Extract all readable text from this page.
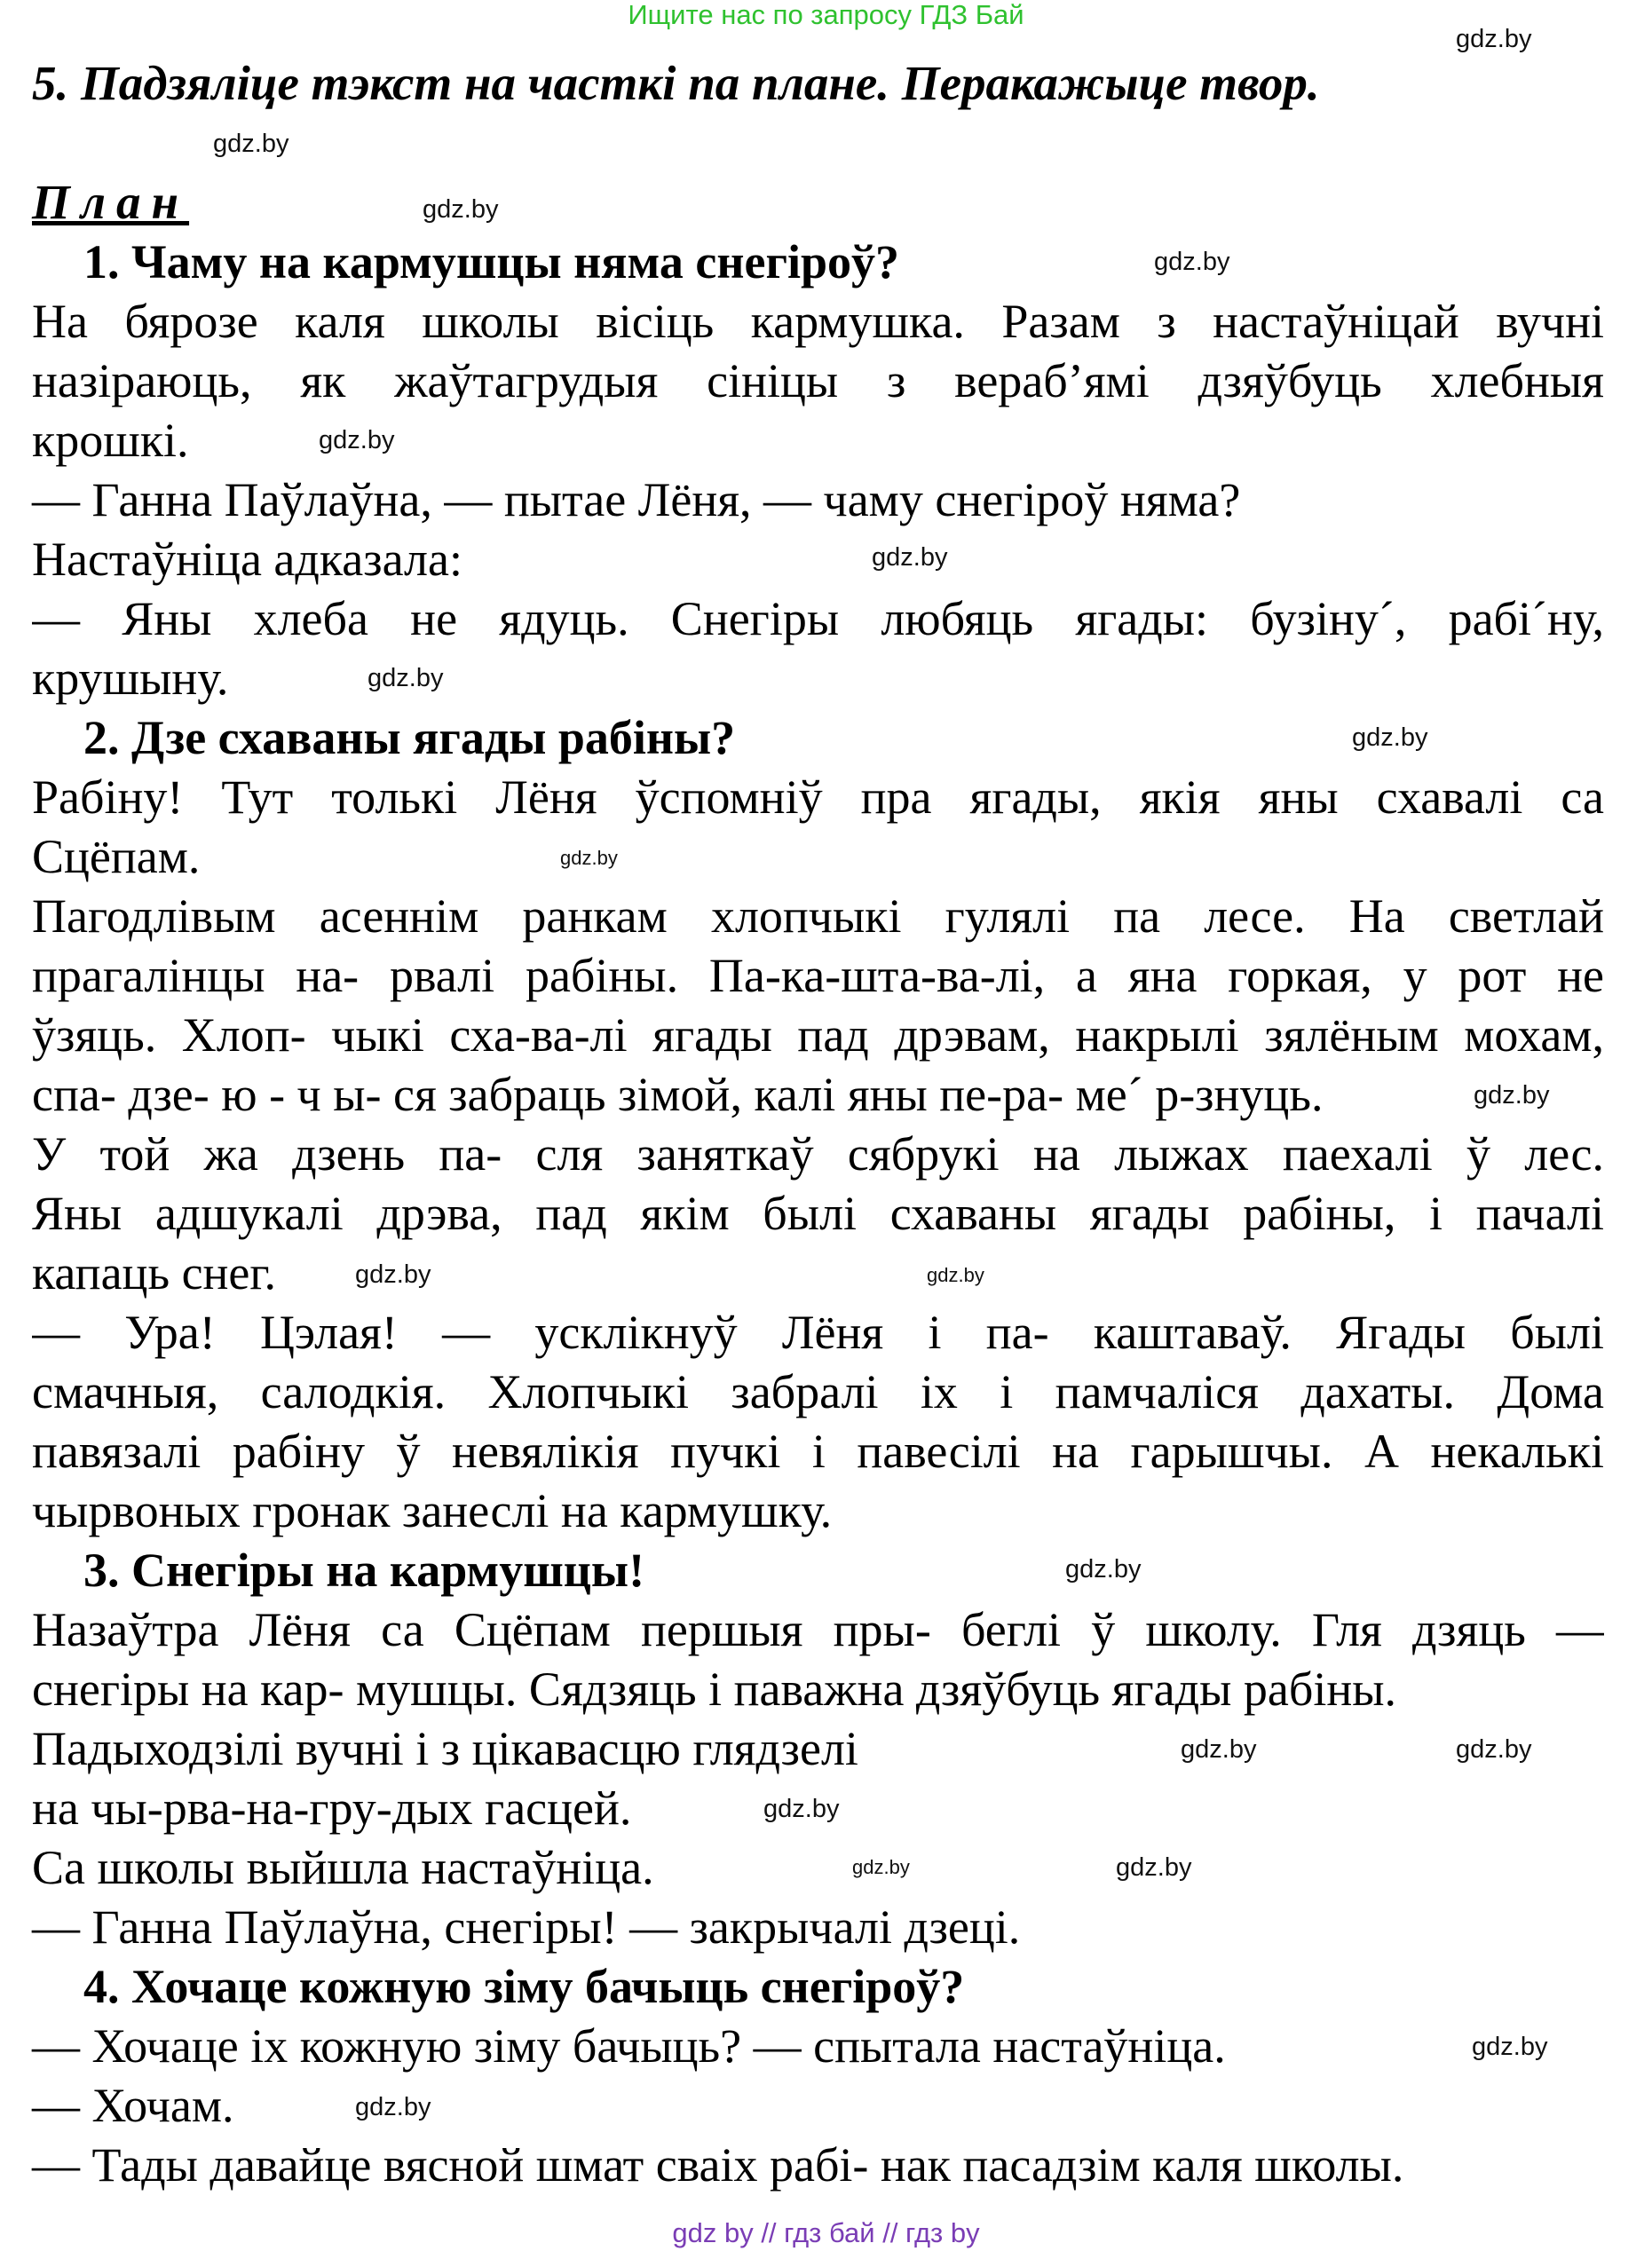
Ищите нас по запросу ГДЗ Бай
5. Падзяліце тэкст на часткі па плане. Перакажыце твор.
План
1. Чаму на кармушцы няма снегіроў?
На бярозе каля школы вісіць кармушка. Разам з настаўніцай вучні
назіраюць, як жаўтагрудыя сініцы з вераб’ямі дзяўбуць хлебныя
крошкі.
— Ганна Паўлаўна, — пытае Лёня, — чаму снегіроў няма?
Настаўніца адказала:
— Яны хлеба не ядуць. Снегіры любяць ягады: бузіну´, рабі´ну,
крушыну.
2. Дзе схаваны ягады рабіны?
Рабіну! Тут толькі Лёня ўспомніў пра ягады, якія яны схавалі са
Сцёпам.
Пагодлівым асеннім ранкам хлопчыкі гулялі па лесе. На светлай
прагалінцы на- рвалі рабіны. Па-ка-шта-ва-лі, а яна горкая, у рот не
ўзяць. Хлоп- чыкі сха-ва-лі ягады пад дрэвам, накрылі зялёным мохам,
спа- дзе- ю - ч ы- ся забраць зімой, калі яны пе-ра- ме´ р-знуць.
У той жа дзень па- сля заняткаў сябрукі на лыжах паехалі ў лес.
Яны адшукалі дрэва, пад якім былі схаваны ягады рабіны, і пачалі
капаць снег.
— Ура! Цэлая! — усклікнуў Лёня і па- каштаваў. Ягады былі
смачныя, салодкія. Хлопчыкі забралі іх і памчаліся дахаты. Дома
павязалі рабіну ў невялікія пучкі і павесілі на гарышчы. А некалькі
чырвоных гронак занеслі на кармушку.
3. Снегіры на кармушцы!
Назаўтра Лёня са Сцёпам першыя пры- беглі ў школу. Гля дзяць —
снегіры на кар- мушцы. Сядзяць і паважна дзяўбуць ягады рабіны.
Падыходзілі вучні і з цікавасцю глядзелі
на чы-рва-на-гру-дых гасцей.
Са школы выйшла настаўніца.
— Ганна Паўлаўна, снегіры! — закрычалі дзеці.
4. Хочаце кожную зіму бачыць снегіроў?
— Хочаце іх кожную зіму бачыць? — спытала настаўніца.
— Хочам.
— Тады давайце вясной шмат сваіх рабі- нак пасадзім каля школы.
gdz.by
gdz.by
gdz.by
gdz.by
gdz.by
gdz.by
gdz.by
gdz.by
gdz.by
gdz.by
gdz.by
gdz.by
gdz.by
gdz.by
gdz.by
gdz.by
gdz.by
gdz.by
gdz.by
gdz.by
gdz by // гдз бай // гдз by
